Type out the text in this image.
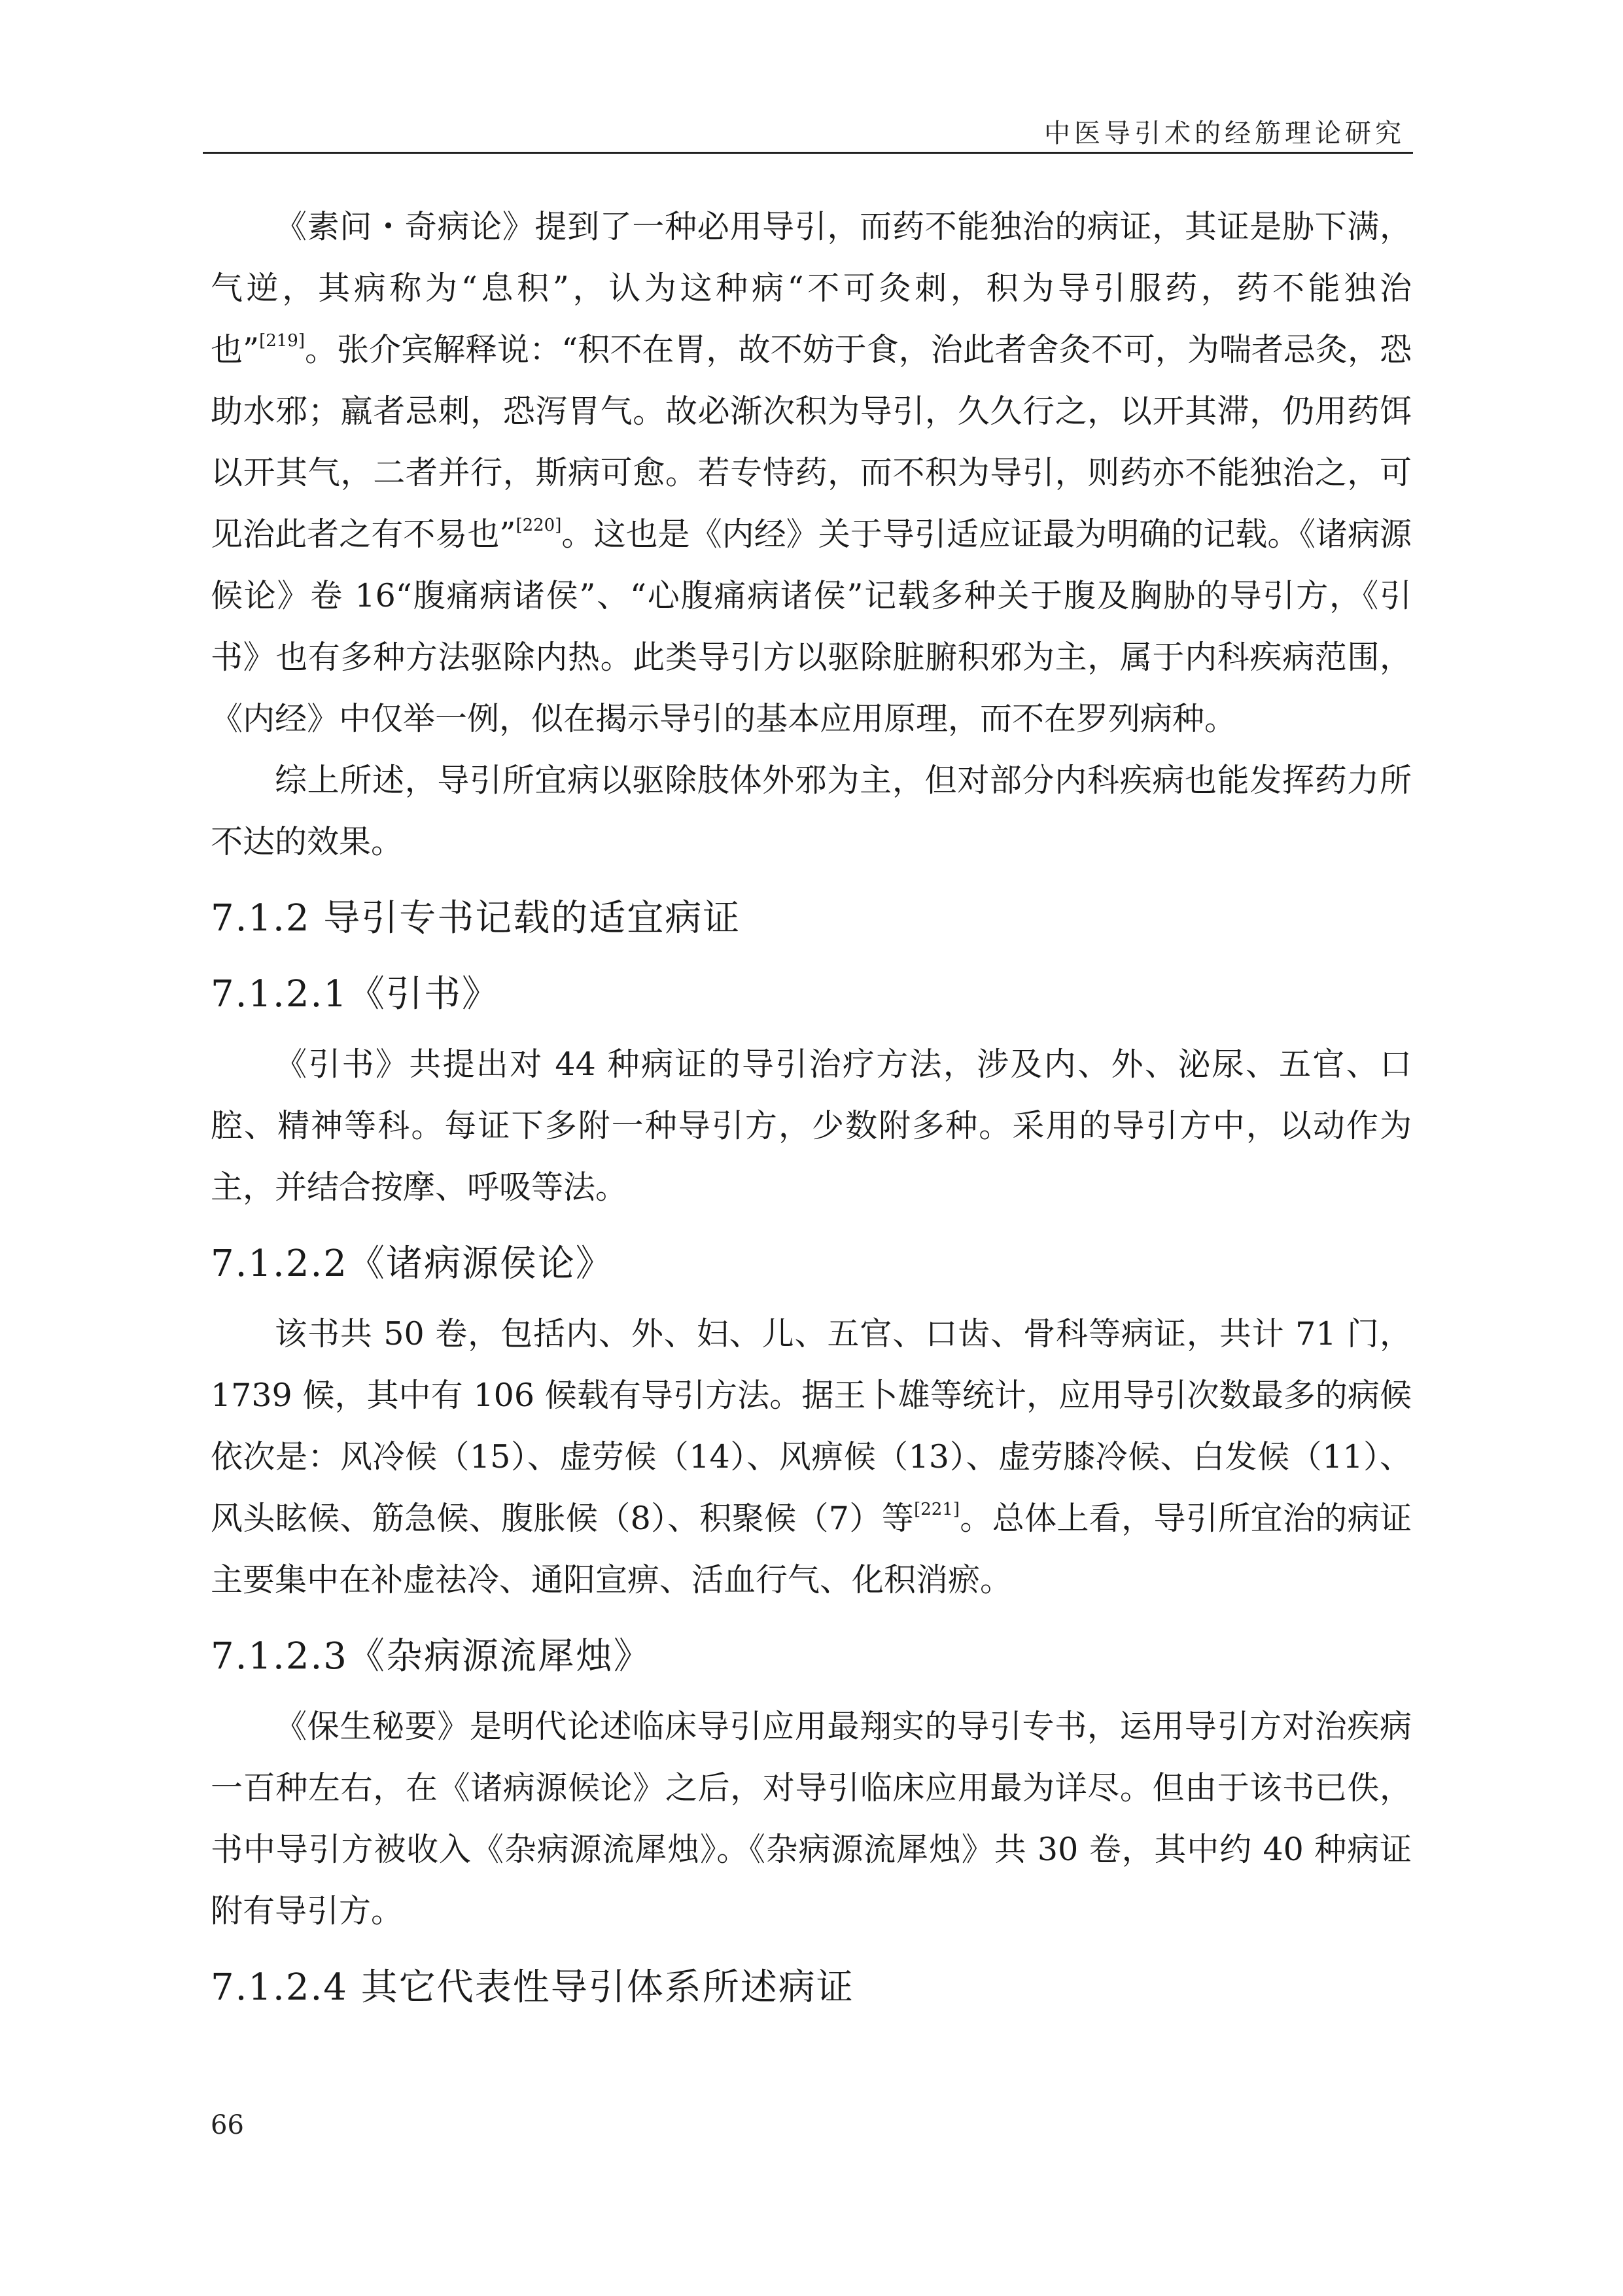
中医导引术的经筋理论研究

《素问・奇病论》提到了一种必用导引，而药不能独治的病证，其证是胁下满，气逆，其病称为“息积”，认为这种病“不可灸刺，积为导引服药，药不能独治也”[219]。张介宾解释说：“积不在胃，故不妨于食，治此者舍灸不可，为喘者忌灸，恐助水邪；羸者忌刺，恐泻胃气。故必渐次积为导引，久久行之，以开其滞，仍用药饵以开其气，二者并行，斯病可愈。若专恃药，而不积为导引，则药亦不能独治之，可见治此者之有不易也”[220]。这也是《内经》关于导引适应证最为明确的记载。《诸病源候论》卷 16“腹痛病诸侯”、“心腹痛病诸侯”记载多种关于腹及胸胁的导引方，《引书》也有多种方法驱除内热。此类导引方以驱除脏腑积邪为主，属于内科疾病范围，《内经》中仅举一例，似在揭示导引的基本应用原理，而不在罗列病种。

综上所述，导引所宜病以驱除肢体外邪为主，但对部分内科疾病也能发挥药力所不达的效果。

7.1.2 导引专书记载的适宜病证
7.1.2.1《引书》

《引书》共提出对 44 种病证的导引治疗方法，涉及内、外、泌尿、五官、口腔、精神等科。每证下多附一种导引方，少数附多种。采用的导引方中，以动作为主，并结合按摩、呼吸等法。

7.1.2.2《诸病源侯论》

该书共 50 卷，包括内、外、妇、儿、五官、口齿、骨科等病证，共计 71 门，1739 候，其中有 106 候载有导引方法。据王卜雄等统计，应用导引次数最多的病候依次是：风冷候（15）、虚劳候（14）、风痹候（13）、虚劳膝冷候、白发候（11）、风头眩候、筋急候、腹胀候（8）、积聚候（7）等[221]。总体上看，导引所宜治的病证主要集中在补虚祛冷、通阳宣痹、活血行气、化积消瘀。

7.1.2.3《杂病源流犀烛》

《保生秘要》是明代论述临床导引应用最翔实的导引专书，运用导引方对治疾病一百种左右，在《诸病源候论》之后，对导引临床应用最为详尽。但由于该书已佚，书中导引方被收入《杂病源流犀烛》。《杂病源流犀烛》共 30 卷，其中约 40 种病证附有导引方。

7.1.2.4 其它代表性导引体系所述病证
66
